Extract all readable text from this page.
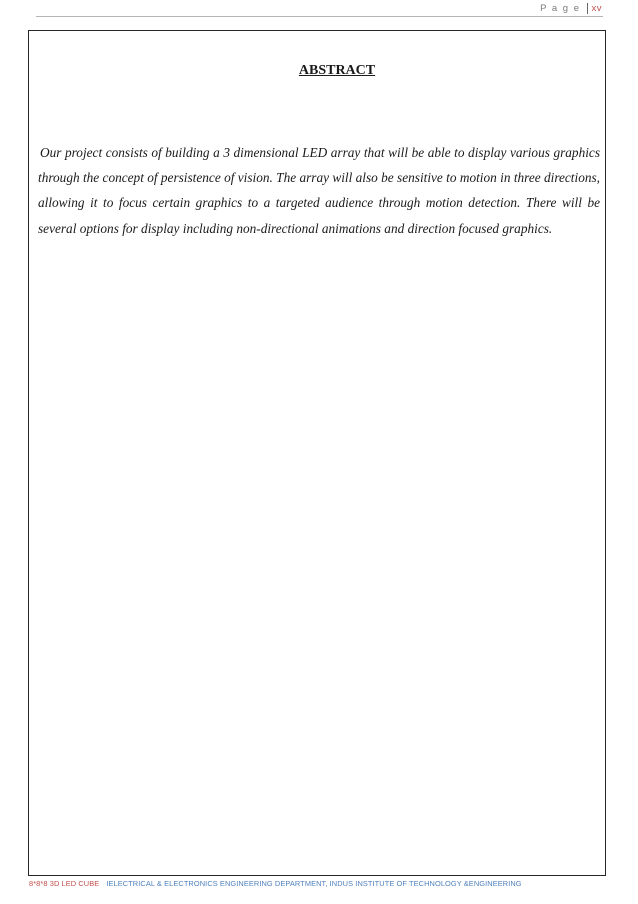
P a g e xv
ABSTRACT

Our project consists of building a 3 dimensional LED array that will be able to display various graphics through the concept of persistence of vision. The array will also be sensitive to motion in three directions, allowing it to focus certain graphics to a targeted audience through motion detection. There will be several options for display including non-directional animations and direction focused graphics.

8*8*8 3D LED CUBE IELECTRICAL & ELECTRONICS ENGINEERING DEPARTMENT, INDUS INSTITUTE OF TECHNOLOGY &ENGINEERING
